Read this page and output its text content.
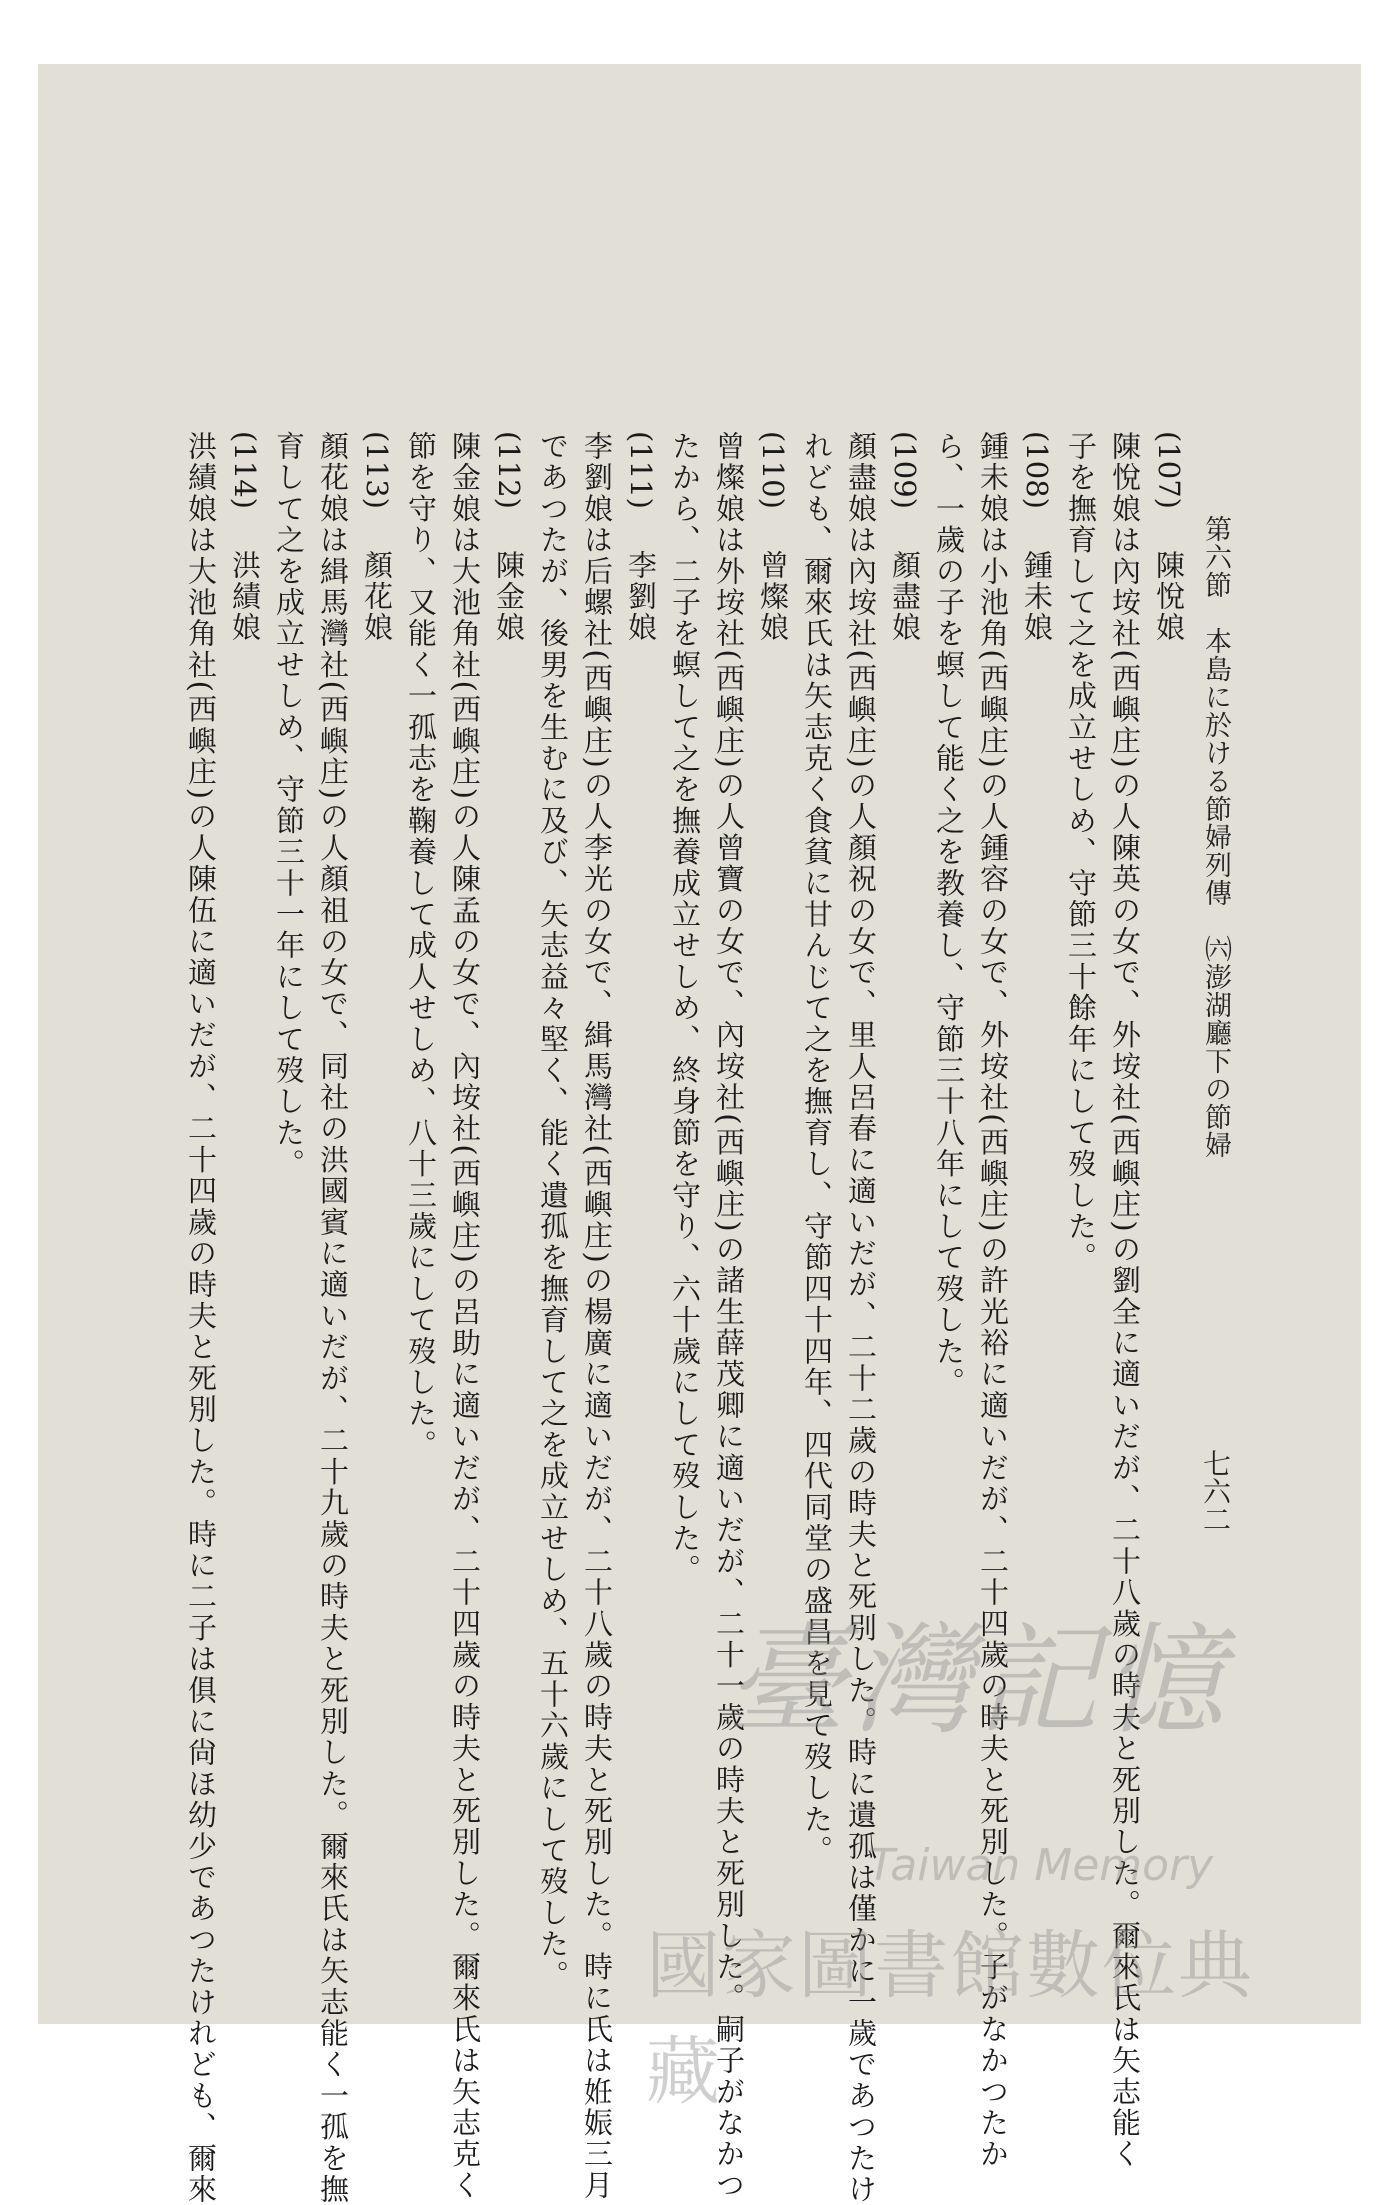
第六節　本島に於ける節婦列傳　㈥澎湖廳下の節婦
七六二
(107)  陳悅娘
陳悅娘は內垵社(西嶼庄)の人陳英の女で、外垵社(西嶼庄)の劉全に適いだが、二十八歲の時夫と死別した。爾來氏は矢志能く
子を撫育して之を成立せしめ、守節三十餘年にして歿した。
(108)  鍾未娘
鍾未娘は小池角(西嶼庄)の人鍾容の女で、外垵社(西嶼庄)の許光裕に適いだが、二十四歲の時夫と死別した。子がなかつたか
ら、一歲の子を螟して能く之を教養し、守節三十八年にして歿した。
(109)  顏盡娘
顏盡娘は內垵社(西嶼庄)の人顏祝の女で、里人呂春に適いだが、二十二歲の時夫と死別した。時に遺孤は僅かに一歲であつたけ
れども、爾來氏は矢志克く食貧に甘んじて之を撫育し、守節四十四年、四代同堂の盛昌を見て歿した。
(110)  曾燦娘
曾燦娘は外垵社(西嶼庄)の人曾寶の女で、內垵社(西嶼庄)の諸生薛茂卿に適いだが、二十一歲の時夫と死別した。嗣子がなかつ
たから、二子を螟して之を撫養成立せしめ、終身節を守り、六十歲にして歿した。
(111)  李劉娘
李劉娘は后螺社(西嶼庄)の人李光の女で、緝馬灣社(西嶼庄)の楊廣に適いだが、二十八歲の時夫と死別した。時に氏は姙娠三月
であつたが、後男を生むに及び、矢志益々堅く、能く遺孤を撫育して之を成立せしめ、五十六歲にして歿した。
(112)  陳金娘
陳金娘は大池角社(西嶼庄)の人陳孟の女で、內垵社(西嶼庄)の呂助に適いだが、二十四歲の時夫と死別した。爾來氏は矢志克く
節を守り、又能く一孤志を鞠養して成人せしめ、八十三歲にして歿した。
(113)  顏花娘
顏花娘は緝馬灣社(西嶼庄)の人顏祖の女で、同社の洪國賓に適いだが、二十九歲の時夫と死別した。爾來氏は矢志能く一孤を撫
育して之を成立せしめ、守節三十一年にして歿した。
(114)  洪績娘
洪績娘は大池角社(西嶼庄)の人陳伍に適いだが、二十四歲の時夫と死別した。時に二子は俱に尙ほ幼少であつたけれども、爾來	臺灣記憶
Taiwan Memory
國家圖書館數位典藏
